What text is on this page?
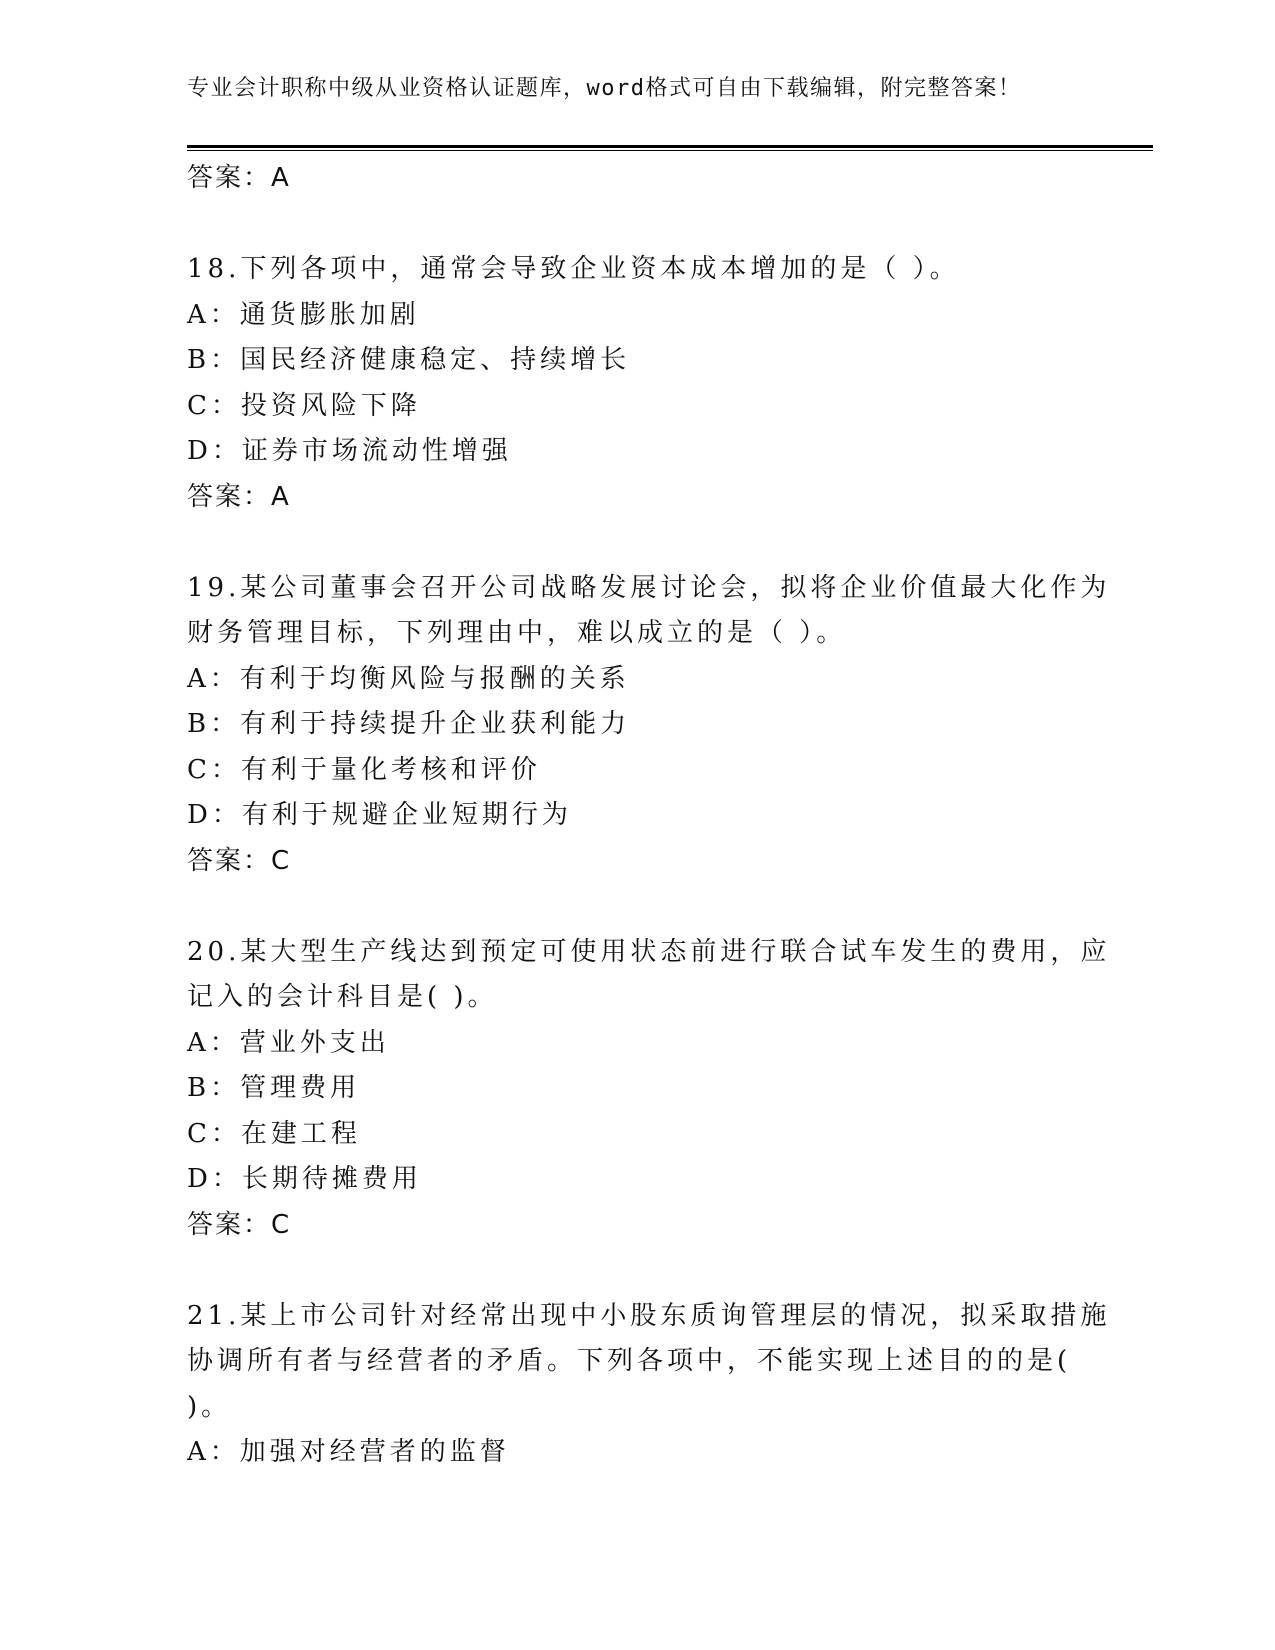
专业会计职称中级从业资格认证题库，word格式可自由下载编辑，附完整答案！
答案：A
18.下列各项中，通常会导致企业资本成本增加的是（ ）。
A：通货膨胀加剧
B：国民经济健康稳定、持续增长
C：投资风险下降
D：证券市场流动性增强
答案：A
19.某公司董事会召开公司战略发展讨论会，拟将企业价值最大化作为
财务管理目标，下列理由中，难以成立的是（ ）。
A：有利于均衡风险与报酬的关系
B：有利于持续提升企业获利能力
C：有利于量化考核和评价
D：有利于规避企业短期行为
答案：C
20.某大型生产线达到预定可使用状态前进行联合试车发生的费用，应
记入的会计科目是( )。
A：营业外支出
B：管理费用
C：在建工程
D：长期待摊费用
答案：C
21.某上市公司针对经常出现中小股东质询管理层的情况，拟采取措施
协调所有者与经营者的矛盾。下列各项中，不能实现上述目的的是(
)。
A：加强对经营者的监督
